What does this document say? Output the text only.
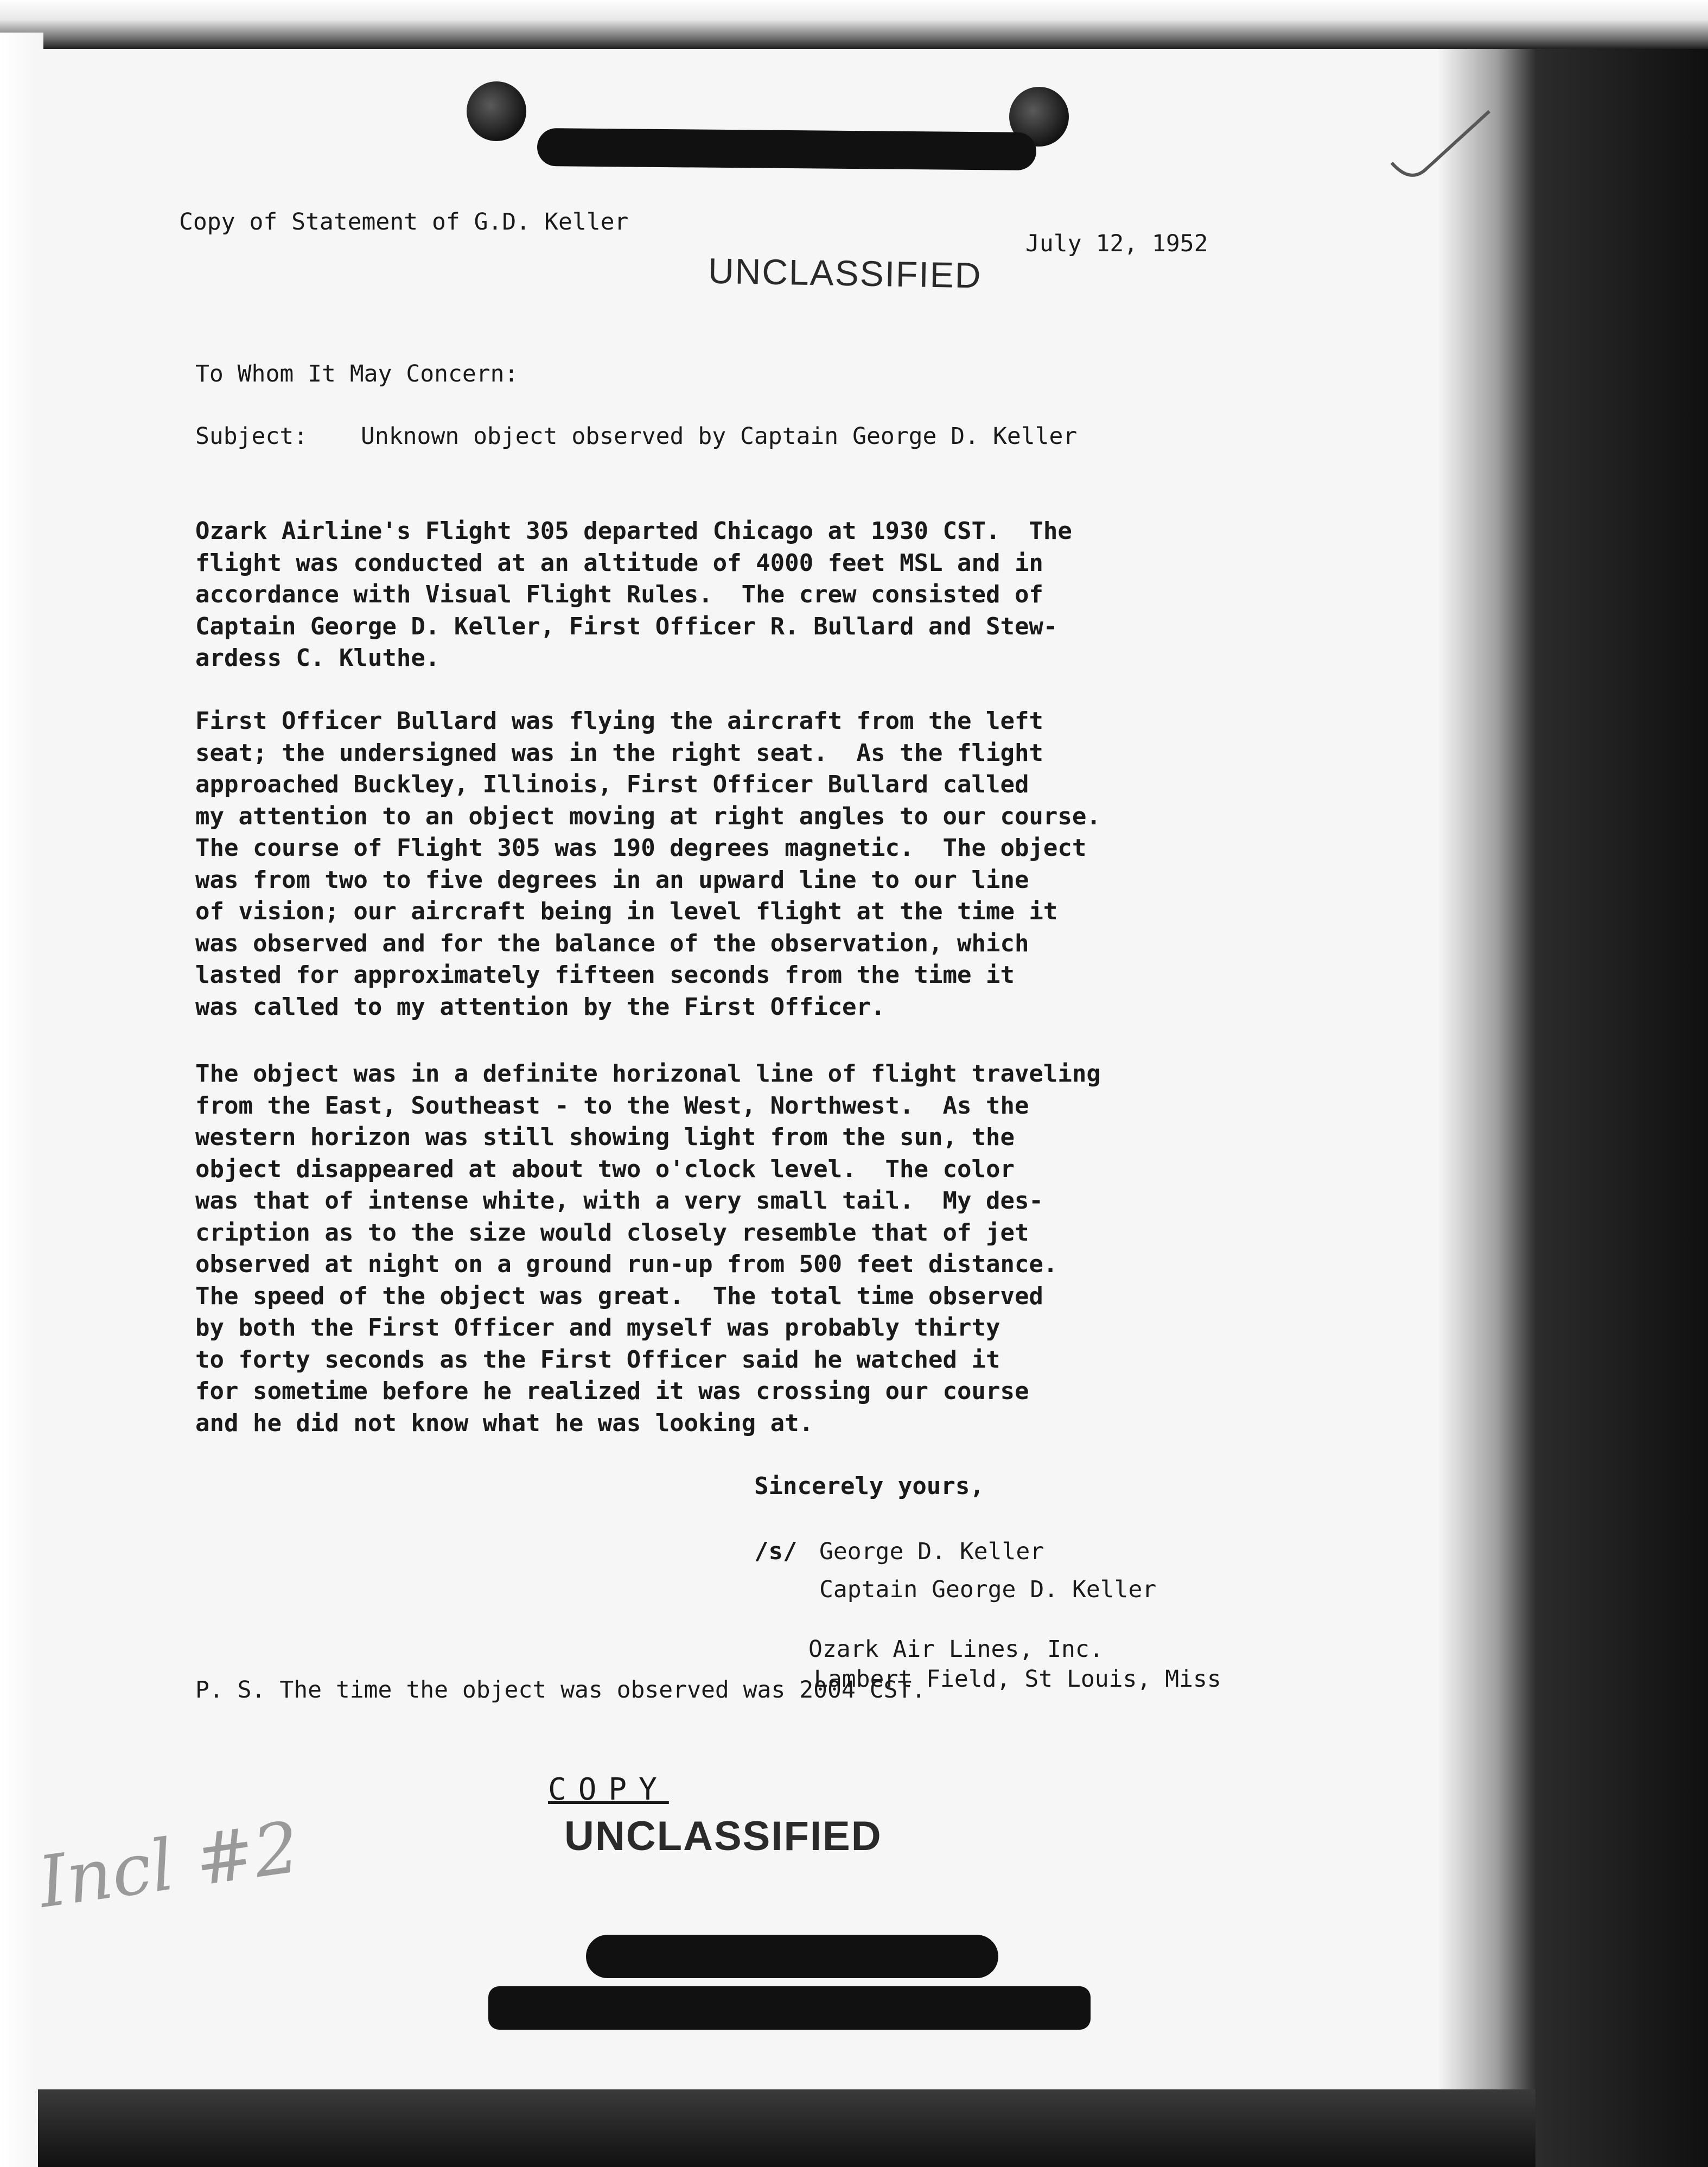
Copy of Statement of G.D. Keller

July 12, 1952

UNCLASSIFIED

To Whom It May Concern:

Subject: Unknown object observed by Captain George D. Keller

Ozark Airline's Flight 305 departed Chicago at 1930 CST.  The
flight was conducted at an altitude of 4000 feet MSL and in
accordance with Visual Flight Rules.  The crew consisted of
Captain George D. Keller, First Officer R. Bullard and Stew-
ardess C. Kluthe.

First Officer Bullard was flying the aircraft from the left
seat; the undersigned was in the right seat.  As the flight
approached Buckley, Illinois, First Officer Bullard called
my attention to an object moving at right angles to our course.
The course of Flight 305 was 190 degrees magnetic.  The object
was from two to five degrees in an upward line to our line
of vision; our aircraft being in level flight at the time it
was observed and for the balance of the observation, which
lasted for approximately fifteen seconds from the time it
was called to my attention by the First Officer.

The object was in a definite horizonal line of flight traveling
from the East, Southeast - to the West, Northwest.  As the
western horizon was still showing light from the sun, the
object disappeared at about two o'clock level.  The color
was that of intense white, with a very small tail.  My des-
cription as to the size would closely resemble that of jet
observed at night on a ground run-up from 500 feet distance.
The speed of the object was great.  The total time observed
by both the First Officer and myself was probably thirty
to forty seconds as the First Officer said he watched it
for sometime before he realized it was crossing our course
and he did not know what he was looking at.

Sincerely yours,

/s/ George D. Keller

Captain George D. Keller

Ozark Air Lines, Inc.

Lambert Field, St Louis, Miss

P. S. The time the object was observed was 2004 CST.

COPY

UNCLASSIFIED

Incl #2
